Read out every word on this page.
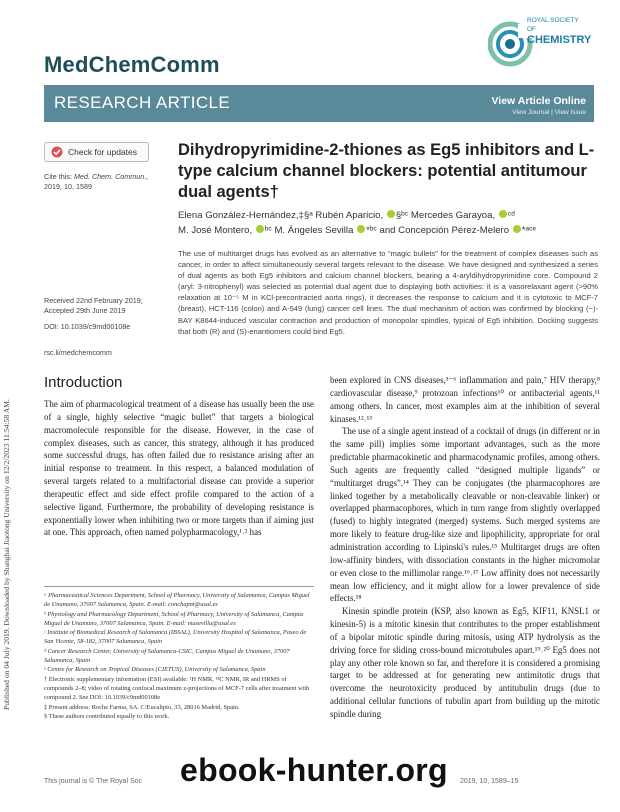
Published on 04 July 2019. Downloaded by Shanghai Jiaotong University on 12/2/2023 11:54:58 AM.
MedChemComm
ROYAL SOCIETY
OF

CHEMISTRY
RESEARCH ARTICLE	View Article Online
View Journal | View Issue
Check for updates
Cite this: Med. Chem. Commun.,
2019, 10, 1589
Received 22nd February 2019,
Accepted 29th June 2019
DOI: 10.1039/c9md00108e
rsc.li/medchemcomm
Dihydropyrimidine-2-thiones as Eg5 inhibitors and L-type calcium channel blockers: potential antitumour dual agents†
Elena González-Hernández,‡§ᵃ Rubén Aparicio, §ᵇᶜ Mercedes Garayoa, ᶜᵈ
M. José Montero, ᵇᶜ M. Ángeles Sevilla *ᵇᶜ and Concepción Pérez-Melero *ᵃᶜᵉ
The use of multitarget drugs has evolved as an alternative to “magic bullets” for the treatment of complex diseases such as cancer, in order to affect simultaneously several targets relevant to the disease. We have designed and synthesized a series of dual agents as both Eg5 inhibitors and calcium channel blockers, bearing a 4-aryldihydropyrimidine core. Compound 2 (aryl: 3-nitrophenyl) was selected as potential dual agent due to displaying both activities: it is a vasorelaxant agent (>90% relaxation at 10⁻⁵ M in KCl-precontracted aorta rings), it decreases the response to calcium and it is cytotoxic to MCF-7 (breast), HCT-116 (colon) and A-549 (lung) cancer cell lines. The dual mechanism of action was confirmed by blocking (−)-BAY K8644-induced vascular contraction and production of monopolar spindles, typical of Eg5 inhibition. Docking suggests that both (R) and (S)-enantiomers could bind Eg5.
Introduction

The aim of pharmacological treatment of a disease has usually been the use of a single, highly selective “magic bullet” that targets a biological macromolecule responsible for the disease. However, in the case of complex diseases, such as cancer, this strategy, although it has produced some successful drugs, has often failed due to resistance arising after an initial response to treatment. In this respect, a balanced modulation of several targets related to a multifactorial disease can provide a superior therapeutic effect and side effect profile compared to the action of a selective ligand. Furthermore, the probability of developing resistance is exponentially lower when inhibiting two or more targets than if aiming just at one. This approach, often named polypharmacology,¹˒² has

been explored in CNS diseases,³⁻⁶ inflammation and pain,⁷ HIV therapy,⁸ cardiovascular disease,⁹ protozoan infections¹⁰ or antibacterial agents,¹¹ among others. In cancer, most examples aim at the inhibition of several kinases.¹²˒¹³

The use of a single agent instead of a cocktail of drugs (in different or in the same pill) implies some important advantages, such as the more predictable pharmacokinetic and pharmacodynamic profiles, among others. Such agents are frequently called “designed multiple ligands” or “multitarget drugs”.¹⁴ They can be conjugates (the pharmacophores are linked together by a metabolically cleavable or non-cleavable linker) or overlapped pharmacophores, which in turn range from slightly overlapped (fused) to highly integrated (merged) systems. Such merged systems are more likely to feature drug-like size and lipophilicity, appropriate for oral administration according to Lipinski's rules.¹⁵ Multitarget drugs are often low-affinity binders, with dissociation constants in the higher micromolar or even close to the millimolar range.¹⁶˒¹⁷ Low affinity does not necessarily mean low efficiency, and it might allow for a lower prevalence of side effects.¹⁸

Kinesin spindle protein (KSP, also known as Eg5, KIF11, KNSL1 or kinesin-5) is a mitotic kinesin that contributes to the proper establishment of a bipolar mitotic spindle during mitosis, using ATP hydrolysis as the driving force for sliding cross-bound microtubules apart.¹⁹˒²⁰ Eg5 does not play any other role known so far, and therefore it is considered a promising target to be addressed at for generating new antimitotic drugs that overcome the neurotoxicity produced by antitubulin drugs (due to additional cellular functions of tubulin apart from building up the mitotic spindle during

ᵃ Pharmaceutical Sciences Department, School of Pharmacy, University of Salamanca, Campus Miguel de Unamuno, 37007 Salamanca, Spain. E-mail: conchapm@usal.es

ᵇ Physiology and Pharmacology Department, School of Pharmacy, University of Salamanca, Campus Miguel de Unamuno, 37007 Salamanca, Spain. E-mail: masevilla@usal.es

ᶜ Institute of Biomedical Research of Salamanca (IBSAL), University Hospital of Salamanca, Paseo de San Vicente, 58-182, 37007 Salamanca, Spain

ᵈ Cancer Research Center, University of Salamanca-CSIC, Campus Miguel de Unamuno, 37007 Salamanca, Spain

ᵉ Centre for Research on Tropical Diseases (CIETUS), University of Salamanca, Spain

† Electronic supplementary information (ESI) available: ¹H NMR, ¹³C NMR, IR and HRMS of compounds 2–8; video of rotating confocal maximum z-projections of MCF-7 cells after treatment with compound 2. See DOI: 10.1039/c9md00108e

‡ Present address: Roche Farma, SA. C/Eucalipto, 33, 28016 Madrid, Spain.

§ These authors contributed equally to this work.

This journal is © The Royal Soc	2019, 10, 1589–15
ebook-hunter.org
